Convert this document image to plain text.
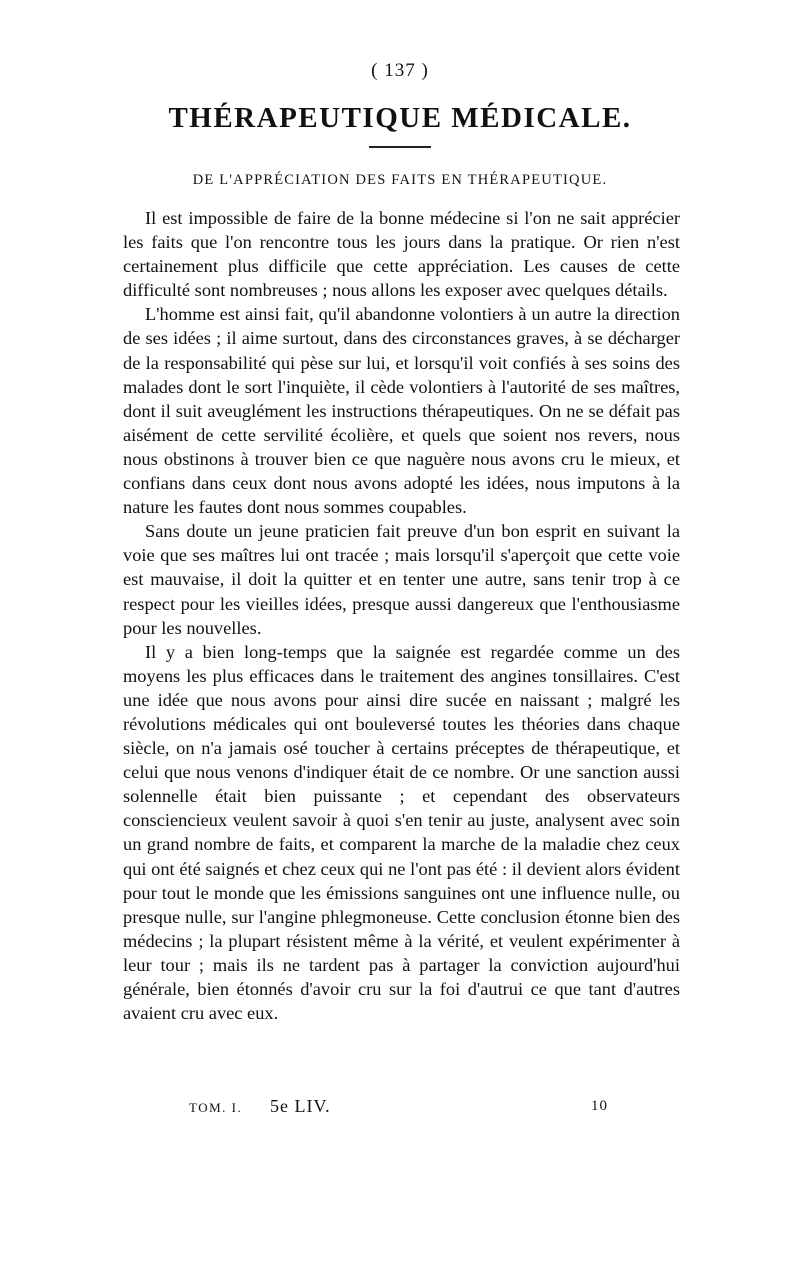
( 137 )
THÉRAPEUTIQUE MÉDICALE.
DE L'APPRÉCIATION DES FAITS EN THÉRAPEUTIQUE.

Il est impossible de faire de la bonne médecine si l'on ne sait apprécier les faits que l'on rencontre tous les jours dans la pratique. Or rien n'est certainement plus difficile que cette appréciation. Les causes de cette difficulté sont nombreuses ; nous allons les exposer avec quelques détails.

L'homme est ainsi fait, qu'il abandonne volontiers à un autre la direction de ses idées ; il aime surtout, dans des circonstances graves, à se décharger de la responsabilité qui pèse sur lui, et lorsqu'il voit confiés à ses soins des malades dont le sort l'inquiète, il cède volontiers à l'autorité de ses maîtres, dont il suit aveuglément les instructions thérapeutiques. On ne se défait pas aisément de cette servilité écolière, et quels que soient nos revers, nous nous obstinons à trouver bien ce que naguère nous avons cru le mieux, et confians dans ceux dont nous avons adopté les idées, nous imputons à la nature les fautes dont nous sommes coupables.

Sans doute un jeune praticien fait preuve d'un bon esprit en suivant la voie que ses maîtres lui ont tracée ; mais lorsqu'il s'aperçoit que cette voie est mauvaise, il doit la quitter et en tenter une autre, sans tenir trop à ce respect pour les vieilles idées, presque aussi dangereux que l'enthousiasme pour les nouvelles.

Il y a bien long-temps que la saignée est regardée comme un des moyens les plus efficaces dans le traitement des angines tonsillaires. C'est une idée que nous avons pour ainsi dire sucée en naissant ; malgré les révolutions médicales qui ont bouleversé toutes les théories dans chaque siècle, on n'a jamais osé toucher à certains préceptes de thérapeutique, et celui que nous venons d'indiquer était de ce nombre. Or une sanction aussi solennelle était bien puissante ; et cependant des observateurs consciencieux veulent savoir à quoi s'en tenir au juste, analysent avec soin un grand nombre de faits, et comparent la marche de la maladie chez ceux qui ont été saignés et chez ceux qui ne l'ont pas été : il devient alors évident pour tout le monde que les émissions sanguines ont une influence nulle, ou presque nulle, sur l'angine phlegmoneuse. Cette conclusion étonne bien des médecins ; la plupart résistent même à la vérité, et veulent expérimenter à leur tour ; mais ils ne tardent pas à partager la conviction aujourd'hui générale, bien étonnés d'avoir cru sur la foi d'autrui ce que tant d'autres avaient cru avec eux.

TOM. I. 5e LIV.	10
